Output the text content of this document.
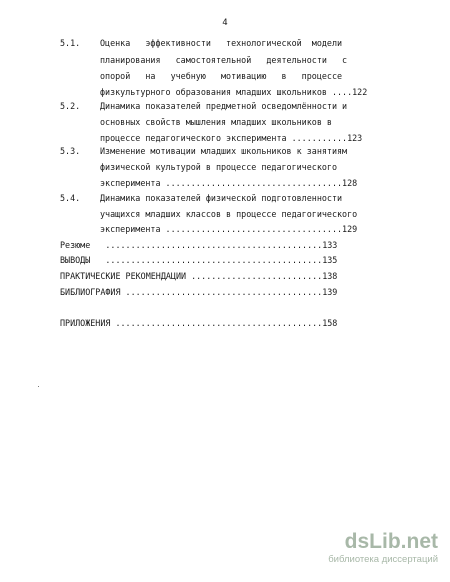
4
5.1. Оценка   эффективности   технологической  модели
планирования   самостоятельной   деятельности   с
опорой   на   учебную   мотивацию   в   процессе
физкультурного образования младших школьников ....122
5.2. Динамика показателей предметной осведомлённости и
основных свойств мышления младших школьников в
процессе педагогического эксперимента ...........123
5.3. Изменение мотивации младших школьников к занятиям
физической культурой в процессе педагогического
эксперимента ...................................128
5.4. Динамика показателей физической подготовленности
учащихся младших классов в процессе педагогического
эксперимента ...................................129
Резюме   ...........................................133
ВЫВОДЫ   ...........................................135
ПРАКТИЧЕСКИЕ РЕКОМЕНДАЦИИ ..........................138
БИБЛИОГРАФИЯ .......................................139
ПРИЛОЖЕНИЯ .........................................158
dsLib.net
библиотека диссертаций
